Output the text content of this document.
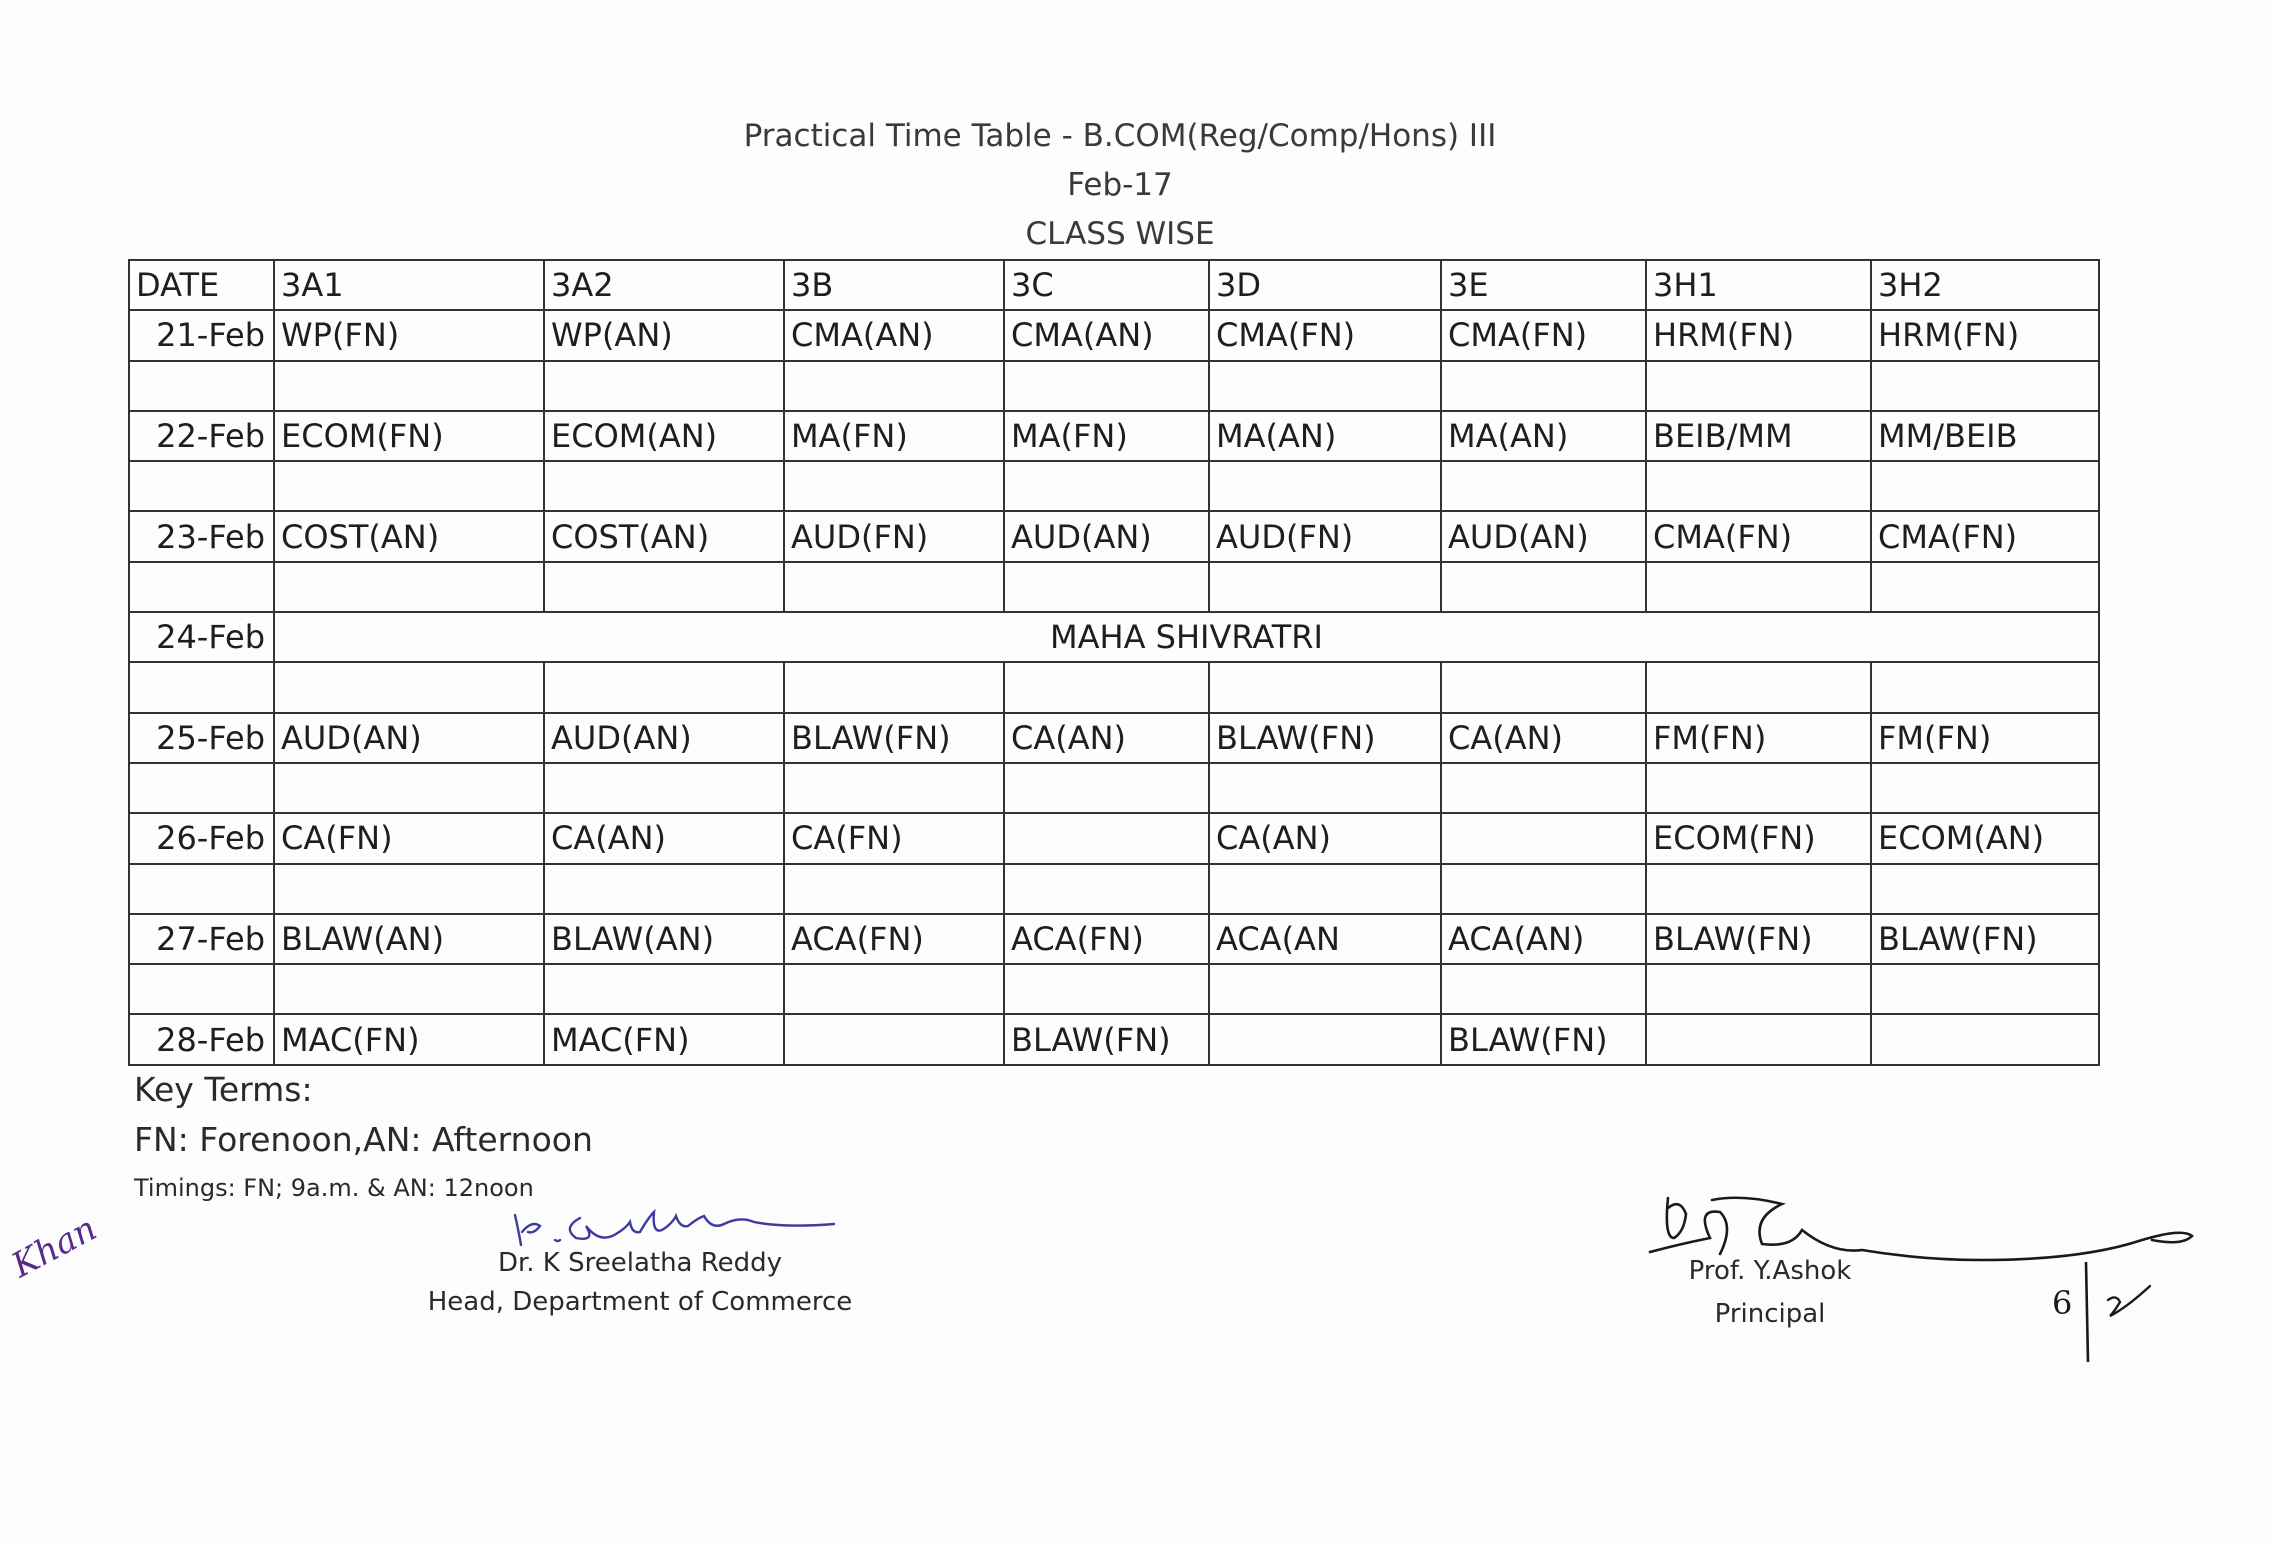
Practical Time Table - B.COM(Reg/Comp/Hons) III
Feb-17
CLASS WISE
DATE	3A1	3A2	3B	3C	3D	3E	3H1	3H2
21-Feb	WP(FN)	WP(AN)	CMA(AN)	CMA(AN)	CMA(FN)	CMA(FN)	HRM(FN)	HRM(FN)

22-Feb	ECOM(FN)	ECOM(AN)	MA(FN)	MA(FN)	MA(AN)	MA(AN)	BEIB/MM	MM/BEIB

23-Feb	COST(AN)	COST(AN)	AUD(FN)	AUD(AN)	AUD(FN)	AUD(AN)	CMA(FN)	CMA(FN)

24-Feb	MAHA SHIVRATRI							

25-Feb	AUD(AN)	AUD(AN)	BLAW(FN)	CA(AN)	BLAW(FN)	CA(AN)	FM(FN)	FM(FN)

26-Feb	CA(FN)	CA(AN)	CA(FN)		CA(AN)		ECOM(FN)	ECOM(AN)

27-Feb	BLAW(AN)	BLAW(AN)	ACA(FN)	ACA(FN)	ACA(AN	ACA(AN)	BLAW(FN)	BLAW(FN)

28-Feb	MAC(FN)	MAC(FN)		BLAW(FN)		BLAW(FN)		
Key Terms:
FN: Forenoon,AN: Afternoon
Timings: FN; 9a.m. & AN: 12noon
Dr. K Sreelatha Reddy
Head, Department of Commerce
Prof. Y.Ashok
Principal
Khan
6
